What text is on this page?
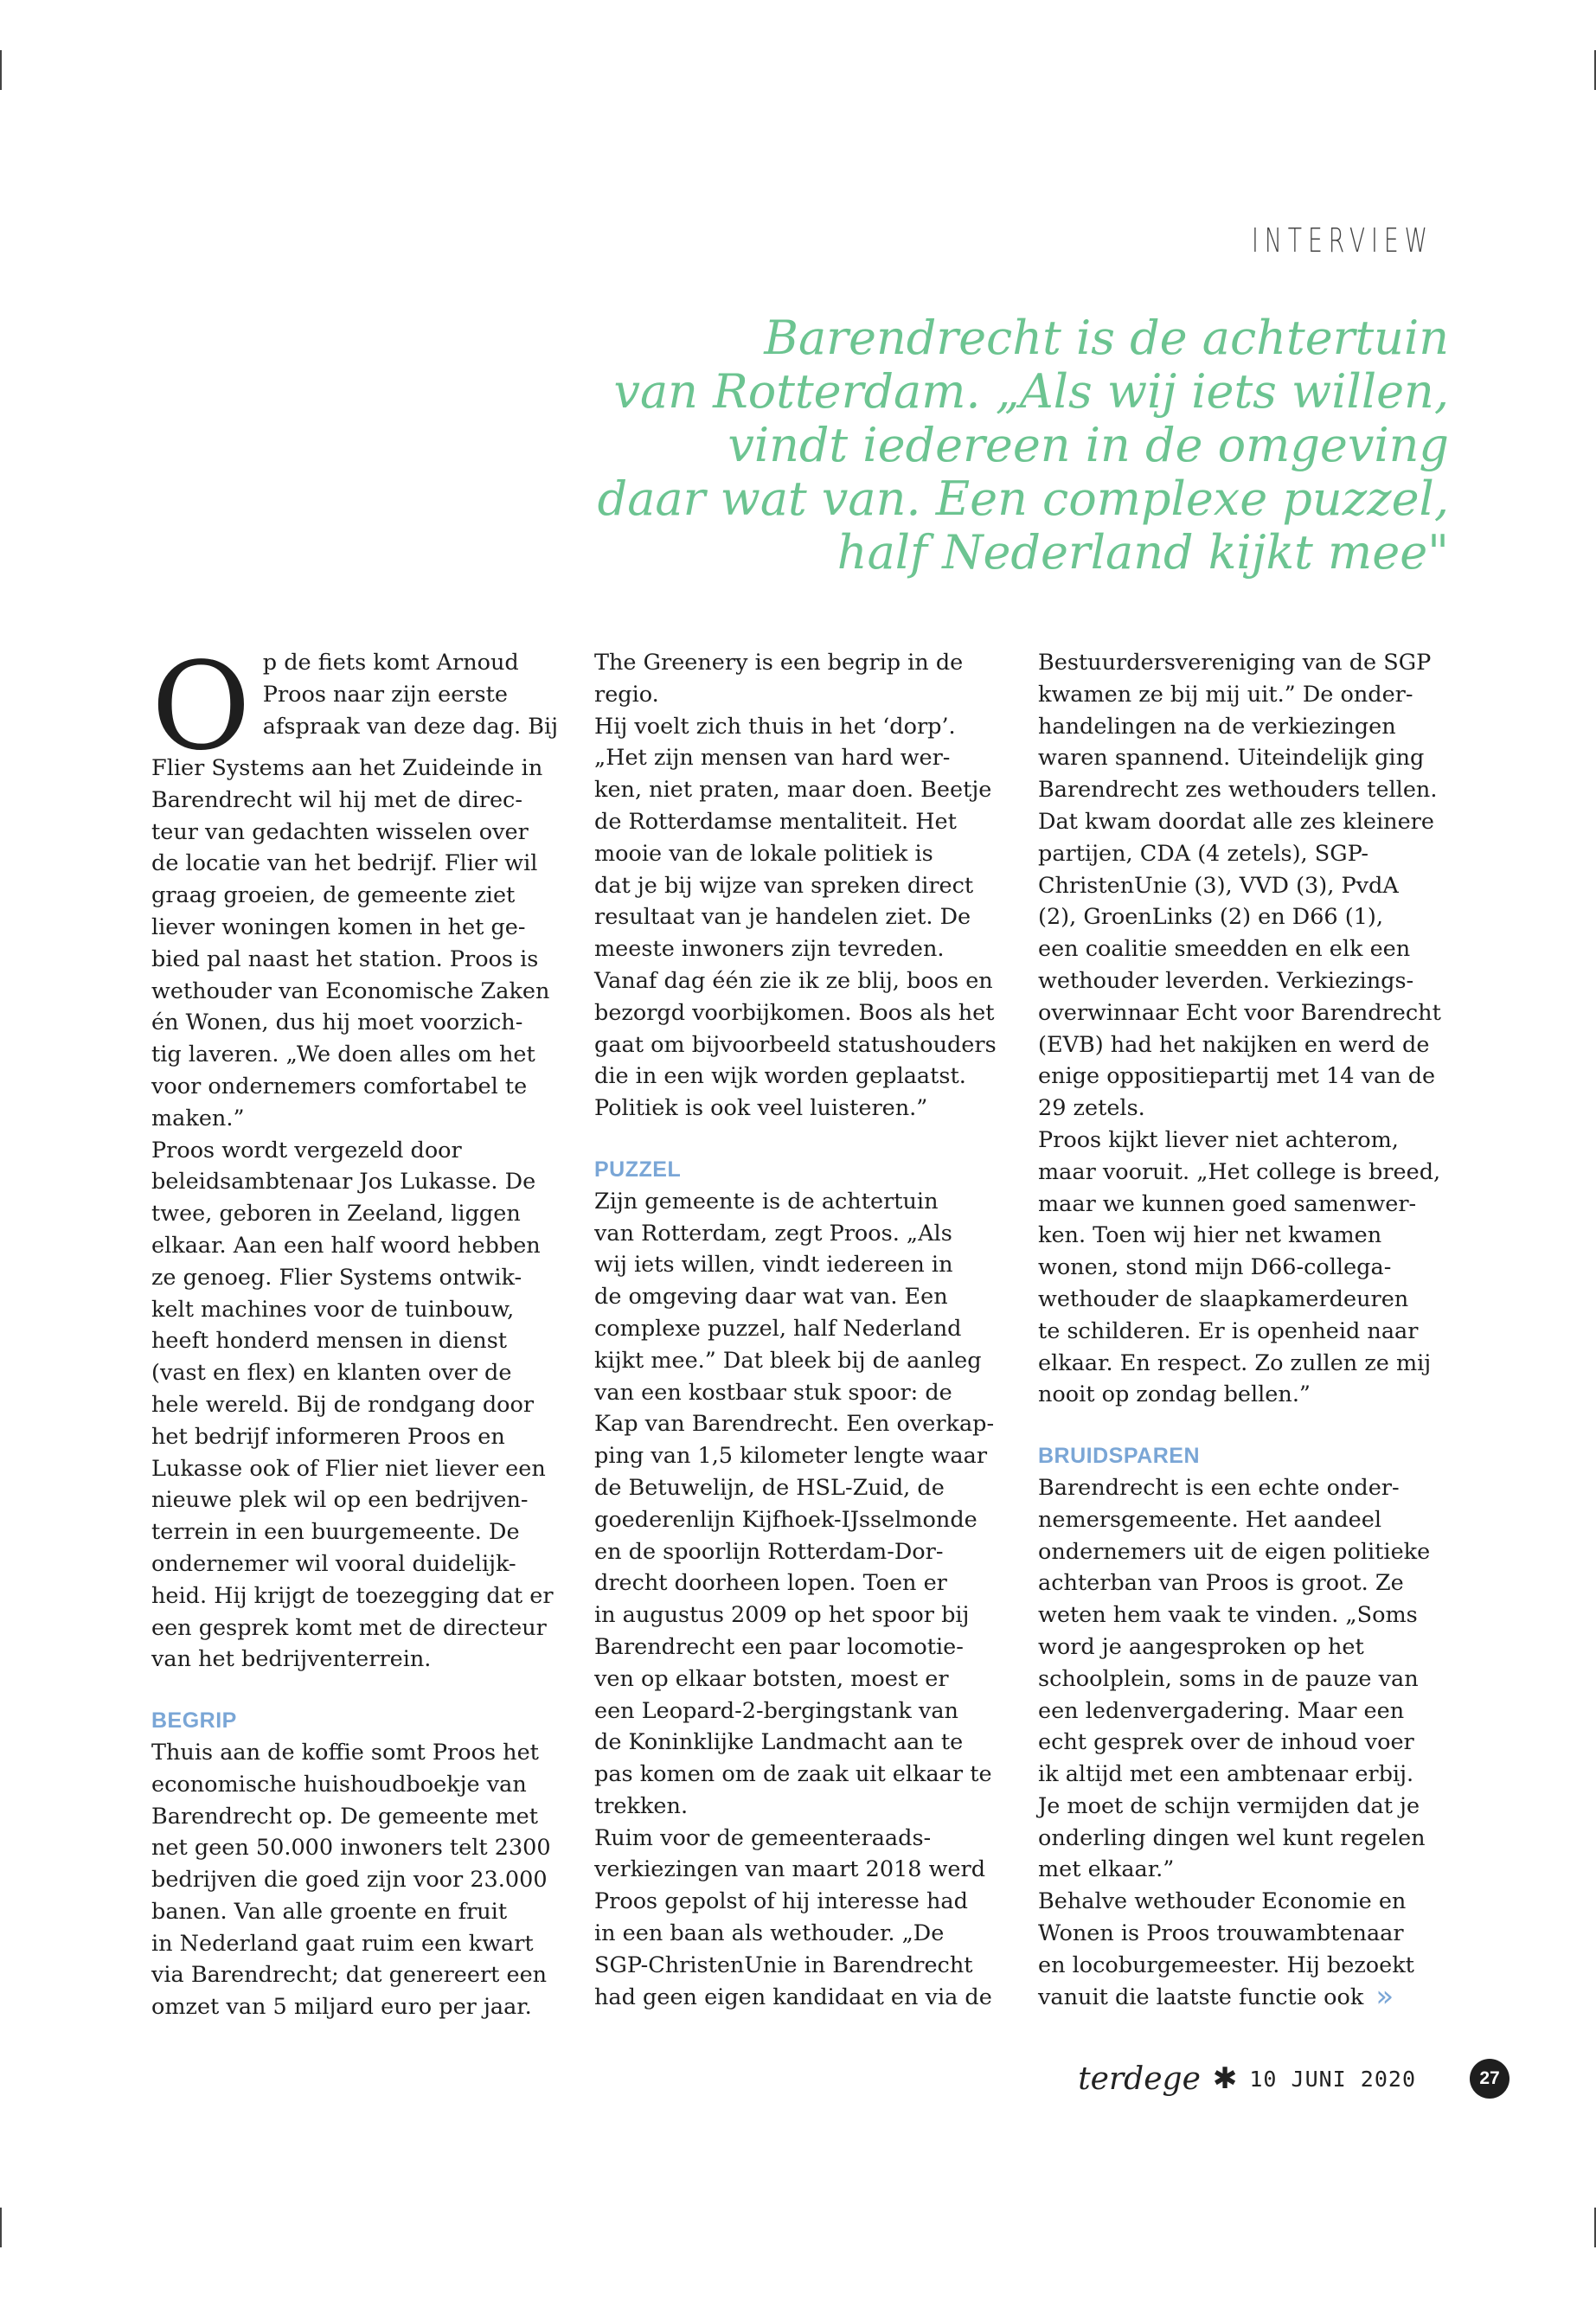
INTERVIEW
Barendrecht is de achtertuin
van Rotterdam. „Als wij iets willen,
vindt iedereen in de omgeving
daar wat van. Een complexe puzzel,
half Nederland kijkt mee"
O p de fiets komt Arnoud
Proos naar zijn eerste
afspraak van deze dag. Bij
Flier Systems aan het Zuideinde in
Barendrecht wil hij met de direc-
teur van gedachten wisselen over
de locatie van het bedrijf. Flier wil
graag groeien, de gemeente ziet
liever woningen komen in het ge-
bied pal naast het station. Proos is
wethouder van Economische Zaken
én Wonen, dus hij moet voorzich-
tig laveren. „We doen alles om het
voor ondernemers comfortabel te
maken.”
Proos wordt vergezeld door
beleidsambtenaar Jos Lukasse. De
twee, geboren in Zeeland, liggen
elkaar. Aan een half woord hebben
ze genoeg. Flier Systems ontwik-
kelt machines voor de tuinbouw,
heeft honderd mensen in dienst
(vast en flex) en klanten over de
hele wereld. Bij de rondgang door
het bedrijf informeren Proos en
Lukasse ook of Flier niet liever een
nieuwe plek wil op een bedrijven-
terrein in een buurgemeente. De
ondernemer wil vooral duidelijk-
heid. Hij krijgt de toezegging dat er
een gesprek komt met de directeur
van het bedrijventerrein.
BEGRIP
Thuis aan de koffie somt Proos het
economische huishoudboekje van
Barendrecht op. De gemeente met
net geen 50.000 inwoners telt 2300
bedrijven die goed zijn voor 23.000
banen. Van alle groente en fruit
in Nederland gaat ruim een kwart
via Barendrecht; dat genereert een
omzet van 5 miljard euro per jaar.
The Greenery is een begrip in de
regio.
Hij voelt zich thuis in het ‘dorp’.
„Het zijn mensen van hard wer-
ken, niet praten, maar doen. Beetje
de Rotterdamse mentaliteit. Het
mooie van de lokale politiek is
dat je bij wijze van spreken direct
resultaat van je handelen ziet. De
meeste inwoners zijn tevreden.
Vanaf dag één zie ik ze blij, boos en
bezorgd voorbijkomen. Boos als het
gaat om bijvoorbeeld statushouders
die in een wijk worden geplaatst.
Politiek is ook veel luisteren.”
PUZZEL
Zijn gemeente is de achtertuin
van Rotterdam, zegt Proos. „Als
wij iets willen, vindt iedereen in
de omgeving daar wat van. Een
complexe puzzel, half Nederland
kijkt mee.” Dat bleek bij de aanleg
van een kostbaar stuk spoor: de
Kap van Barendrecht. Een overkap-
ping van 1,5 kilometer lengte waar
de Betuwelijn, de HSL-Zuid, de
goederenlijn Kijfhoek-IJsselmonde
en de spoorlijn Rotterdam-Dor-
drecht doorheen lopen. Toen er
in augustus 2009 op het spoor bij
Barendrecht een paar locomotie-
ven op elkaar botsten, moest er
een Leopard-2-bergingstank van
de Koninklijke Landmacht aan te
pas komen om de zaak uit elkaar te
trekken.
Ruim voor de gemeenteraads-
verkiezingen van maart 2018 werd
Proos gepolst of hij interesse had
in een baan als wethouder. „De
SGP-ChristenUnie in Barendrecht
had geen eigen kandidaat en via de
Bestuurdersvereniging van de SGP
kwamen ze bij mij uit.” De onder-
handelingen na de verkiezingen
waren spannend. Uiteindelijk ging
Barendrecht zes wethouders tellen.
Dat kwam doordat alle zes kleinere
partijen, CDA (4 zetels), SGP-
ChristenUnie (3), VVD (3), PvdA
(2), GroenLinks (2) en D66 (1),
een coalitie smeedden en elk een
wethouder leverden. Verkiezings-
overwinnaar Echt voor Barendrecht
(EVB) had het nakijken en werd de
enige oppositiepartij met 14 van de
29 zetels.
Proos kijkt liever niet achterom,
maar vooruit. „Het college is breed,
maar we kunnen goed samenwer-
ken. Toen wij hier net kwamen
wonen, stond mijn D66-collega-
wethouder de slaapkamerdeuren
te schilderen. Er is openheid naar
elkaar. En respect. Zo zullen ze mij
nooit op zondag bellen.”
BRUIDSPAREN
Barendrecht is een echte onder-
nemersgemeente. Het aandeel
ondernemers uit de eigen politieke
achterban van Proos is groot. Ze
weten hem vaak te vinden. „Soms
word je aangesproken op het
schoolplein, soms in de pauze van
een ledenvergadering. Maar een
echt gesprek over de inhoud voer
ik altijd met een ambtenaar erbij.
Je moet de schijn vermijden dat je
onderling dingen wel kunt regelen
met elkaar.”
Behalve wethouder Economie en
Wonen is Proos trouwambtenaar
en locoburgemeester. Hij bezoekt
vanuit die laatste functie ook »
terdege ✱ 10 JUNI 2020	27
